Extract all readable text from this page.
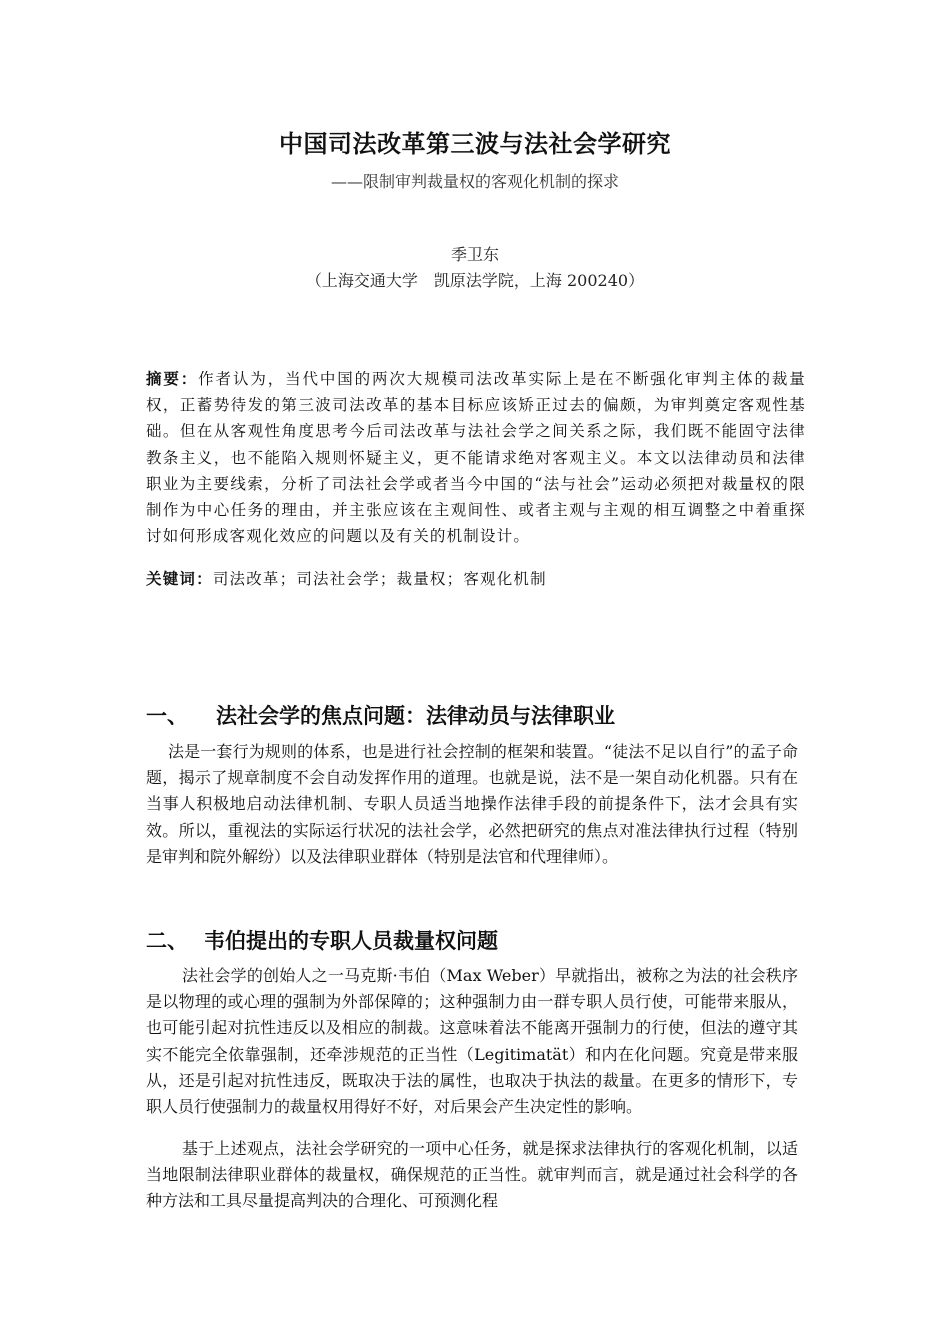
中国司法改革第三波与法社会学研究
——限制审判裁量权的客观化机制的探求
季卫东
（上海交通大学　凯原法学院，上海 200240）
摘要：作者认为，当代中国的两次大规模司法改革实际上是在不断强化审判主体的裁量权，正蓄势待发的第三波司法改革的基本目标应该矫正过去的偏颇，为审判奠定客观性基础。但在从客观性角度思考今后司法改革与法社会学之间关系之际，我们既不能固守法律教条主义，也不能陷入规则怀疑主义，更不能请求绝对客观主义。本文以法律动员和法律职业为主要线索，分析了司法社会学或者当今中国的“法与社会”运动必须把对裁量权的限制作为中心任务的理由，并主张应该在主观间性、或者主观与主观的相互调整之中着重探讨如何形成客观化效应的问题以及有关的机制设计。
关键词：司法改革；司法社会学；裁量权；客观化机制
一、 法社会学的焦点问题：法律动员与法律职业
法是一套行为规则的体系，也是进行社会控制的框架和装置。“徒法不足以自行”的孟子命题，揭示了规章制度不会自动发挥作用的道理。也就是说，法不是一架自动化机器。只有在当事人积极地启动法律机制、专职人员适当地操作法律手段的前提条件下，法才会具有实效。所以，重视法的实际运行状况的法社会学，必然把研究的焦点对准法律执行过程（特别是审判和院外解纷）以及法律职业群体（特别是法官和代理律师）。
二、 韦伯提出的专职人员裁量权问题
法社会学的创始人之一马克斯·韦伯（Max Weber）早就指出，被称之为法的社会秩序是以物理的或心理的强制为外部保障的；这种强制力由一群专职人员行使，可能带来服从，也可能引起对抗性违反以及相应的制裁。这意味着法不能离开强制力的行使，但法的遵守其实不能完全依靠强制，还牵涉规范的正当性（Legitimatät）和内在化问题。究竟是带来服从，还是引起对抗性违反，既取决于法的属性，也取决于执法的裁量。在更多的情形下，专职人员行使强制力的裁量权用得好不好，对后果会产生决定性的影响。
基于上述观点，法社会学研究的一项中心任务，就是探求法律执行的客观化机制，以适当地限制法律职业群体的裁量权，确保规范的正当性。就审判而言，就是通过社会科学的各种方法和工具尽量提高判决的合理化、可预测化程
